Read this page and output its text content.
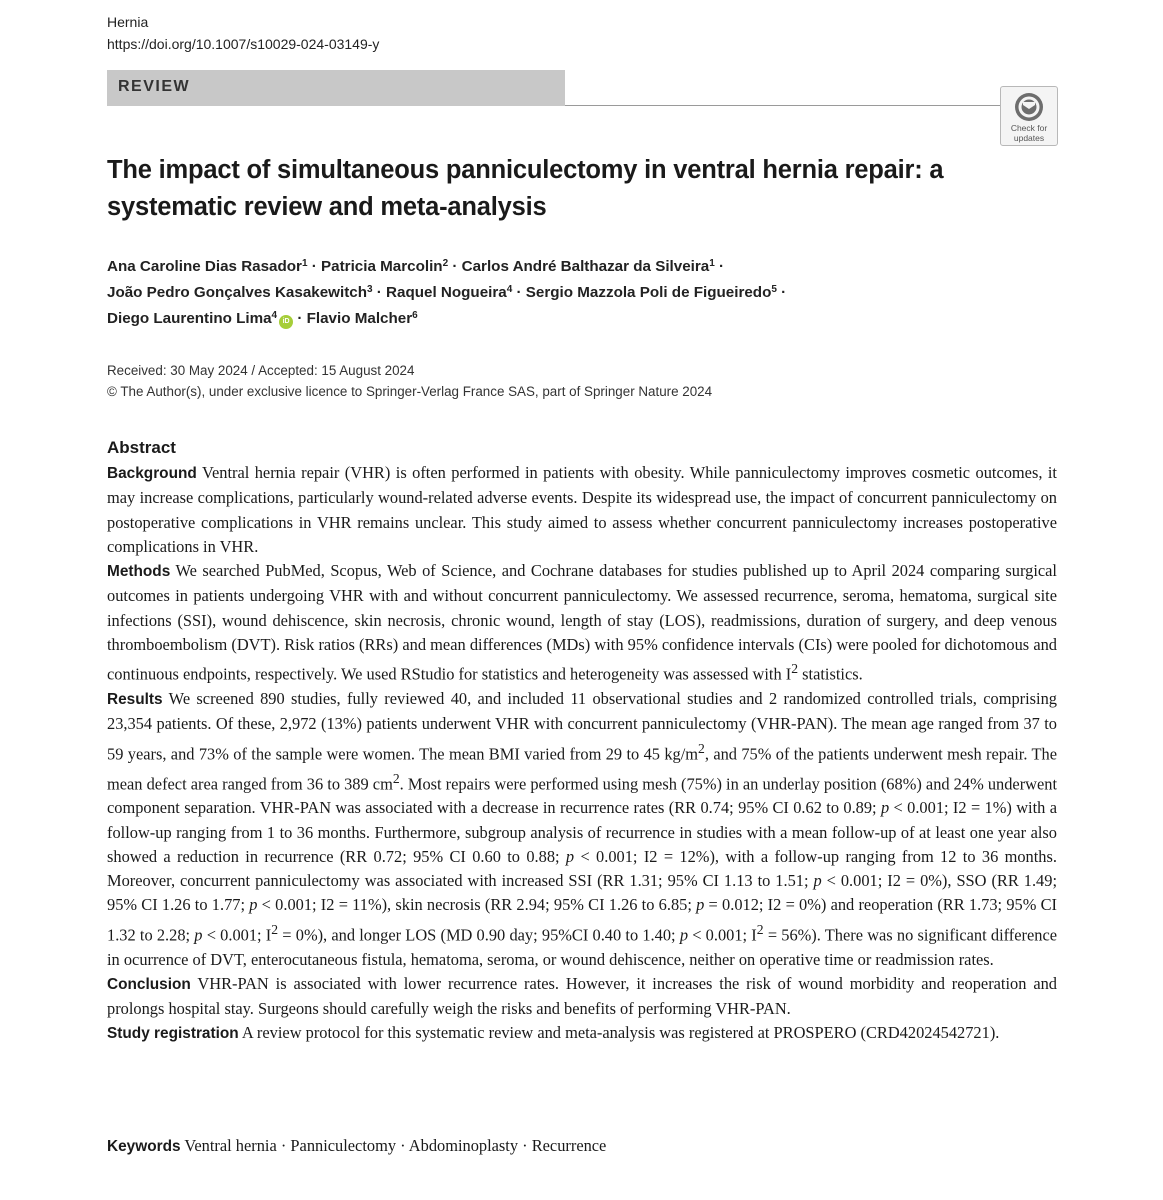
Hernia
https://doi.org/10.1007/s10029-024-03149-y
REVIEW
Check for
updates
The impact of simultaneous panniculectomy in ventral hernia repair: a systematic review and meta-analysis
Ana Caroline Dias Rasador$^1$ · Patricia Marcolin$^2$ · Carlos André Balthazar da Silveira$^1$ ·
João Pedro Gonçalves Kasakewitch$^3$ · Raquel Nogueira$^4$ · Sergio Mazzola Poli de Figueiredo$^5$ ·
Diego Laurentino Lima$^4$iD · Flavio Malcher$^6$
Received: 30 May 2024 / Accepted: 15 August 2024
© The Author(s), under exclusive licence to Springer-Verlag France SAS, part of Springer Nature 2024
Abstract

Background Ventral hernia repair (VHR) is often performed in patients with obesity. While panniculectomy improves cosmetic outcomes, it may increase complications, particularly wound-related adverse events. Despite its widespread use, the impact of concurrent panniculectomy on postoperative complications in VHR remains unclear. This study aimed to assess whether concurrent panniculectomy increases postoperative complications in VHR.

Methods We searched PubMed, Scopus, Web of Science, and Cochrane databases for studies published up to April 2024 comparing surgical outcomes in patients undergoing VHR with and without concurrent panniculectomy. We assessed recurrence, seroma, hematoma, surgical site infections (SSI), wound dehiscence, skin necrosis, chronic wound, length of stay (LOS), readmissions, duration of surgery, and deep venous thromboembolism (DVT). Risk ratios (RRs) and mean differences (MDs) with 95% confidence intervals (CIs) were pooled for dichotomous and continuous endpoints, respectively. We used RStudio for statistics and heterogeneity was assessed with $I^2$ statistics.

Results We screened 890 studies, fully reviewed 40, and included 11 observational studies and 2 randomized controlled trials, comprising 23,354 patients. Of these, 2,972 (13%) patients underwent VHR with concurrent panniculectomy (VHR-PAN). The mean age ranged from 37 to 59 years, and 73% of the sample were women. The mean BMI varied from 29 to 45 $kg/m^2$, and 75% of the patients underwent mesh repair. The mean defect area ranged from 36 to 389 $cm^2$. Most repairs were performed using mesh (75%) in an underlay position (68%) and 24% underwent component separation. VHR-PAN was associated with a decrease in recurrence rates (RR 0.74; 95% CI 0.62 to 0.89; p < 0.001; I2 = 1%) with a follow-up ranging from 1 to 36 months. Furthermore, subgroup analysis of recurrence in studies with a mean follow-up of at least one year also showed a reduction in recurrence (RR 0.72; 95% CI 0.60 to 0.88; p < 0.001; I2 = 12%), with a follow-up ranging from 12 to 36 months. Moreover, concurrent panniculectomy was associated with increased SSI (RR 1.31; 95% CI 1.13 to 1.51; p < 0.001; I2 = 0%), SSO (RR 1.49; 95% CI 1.26 to 1.77; p < 0.001; I2 = 11%), skin necrosis (RR 2.94; 95% CI 1.26 to 6.85; p = 0.012; I2 = 0%) and reoperation (RR 1.73; 95% CI 1.32 to 2.28; p < 0.001; $I^2 = 0\%$), and longer LOS (MD 0.90 day; 95%CI 0.40 to 1.40; p < 0.001; $I^2 = 56\%$). There was no significant difference in ocurrence of DVT, enterocutaneous fistula, hematoma, seroma, or wound dehiscence, neither on operative time or readmission rates.

Conclusion VHR-PAN is associated with lower recurrence rates. However, it increases the risk of wound morbidity and reoperation and prolongs hospital stay. Surgeons should carefully weigh the risks and benefits of performing VHR-PAN.

Study registration A review protocol for this systematic review and meta-analysis was registered at PROSPERO (CRD42024542721).

Keywords Ventral hernia · Panniculectomy · Abdominoplasty · Recurrence
